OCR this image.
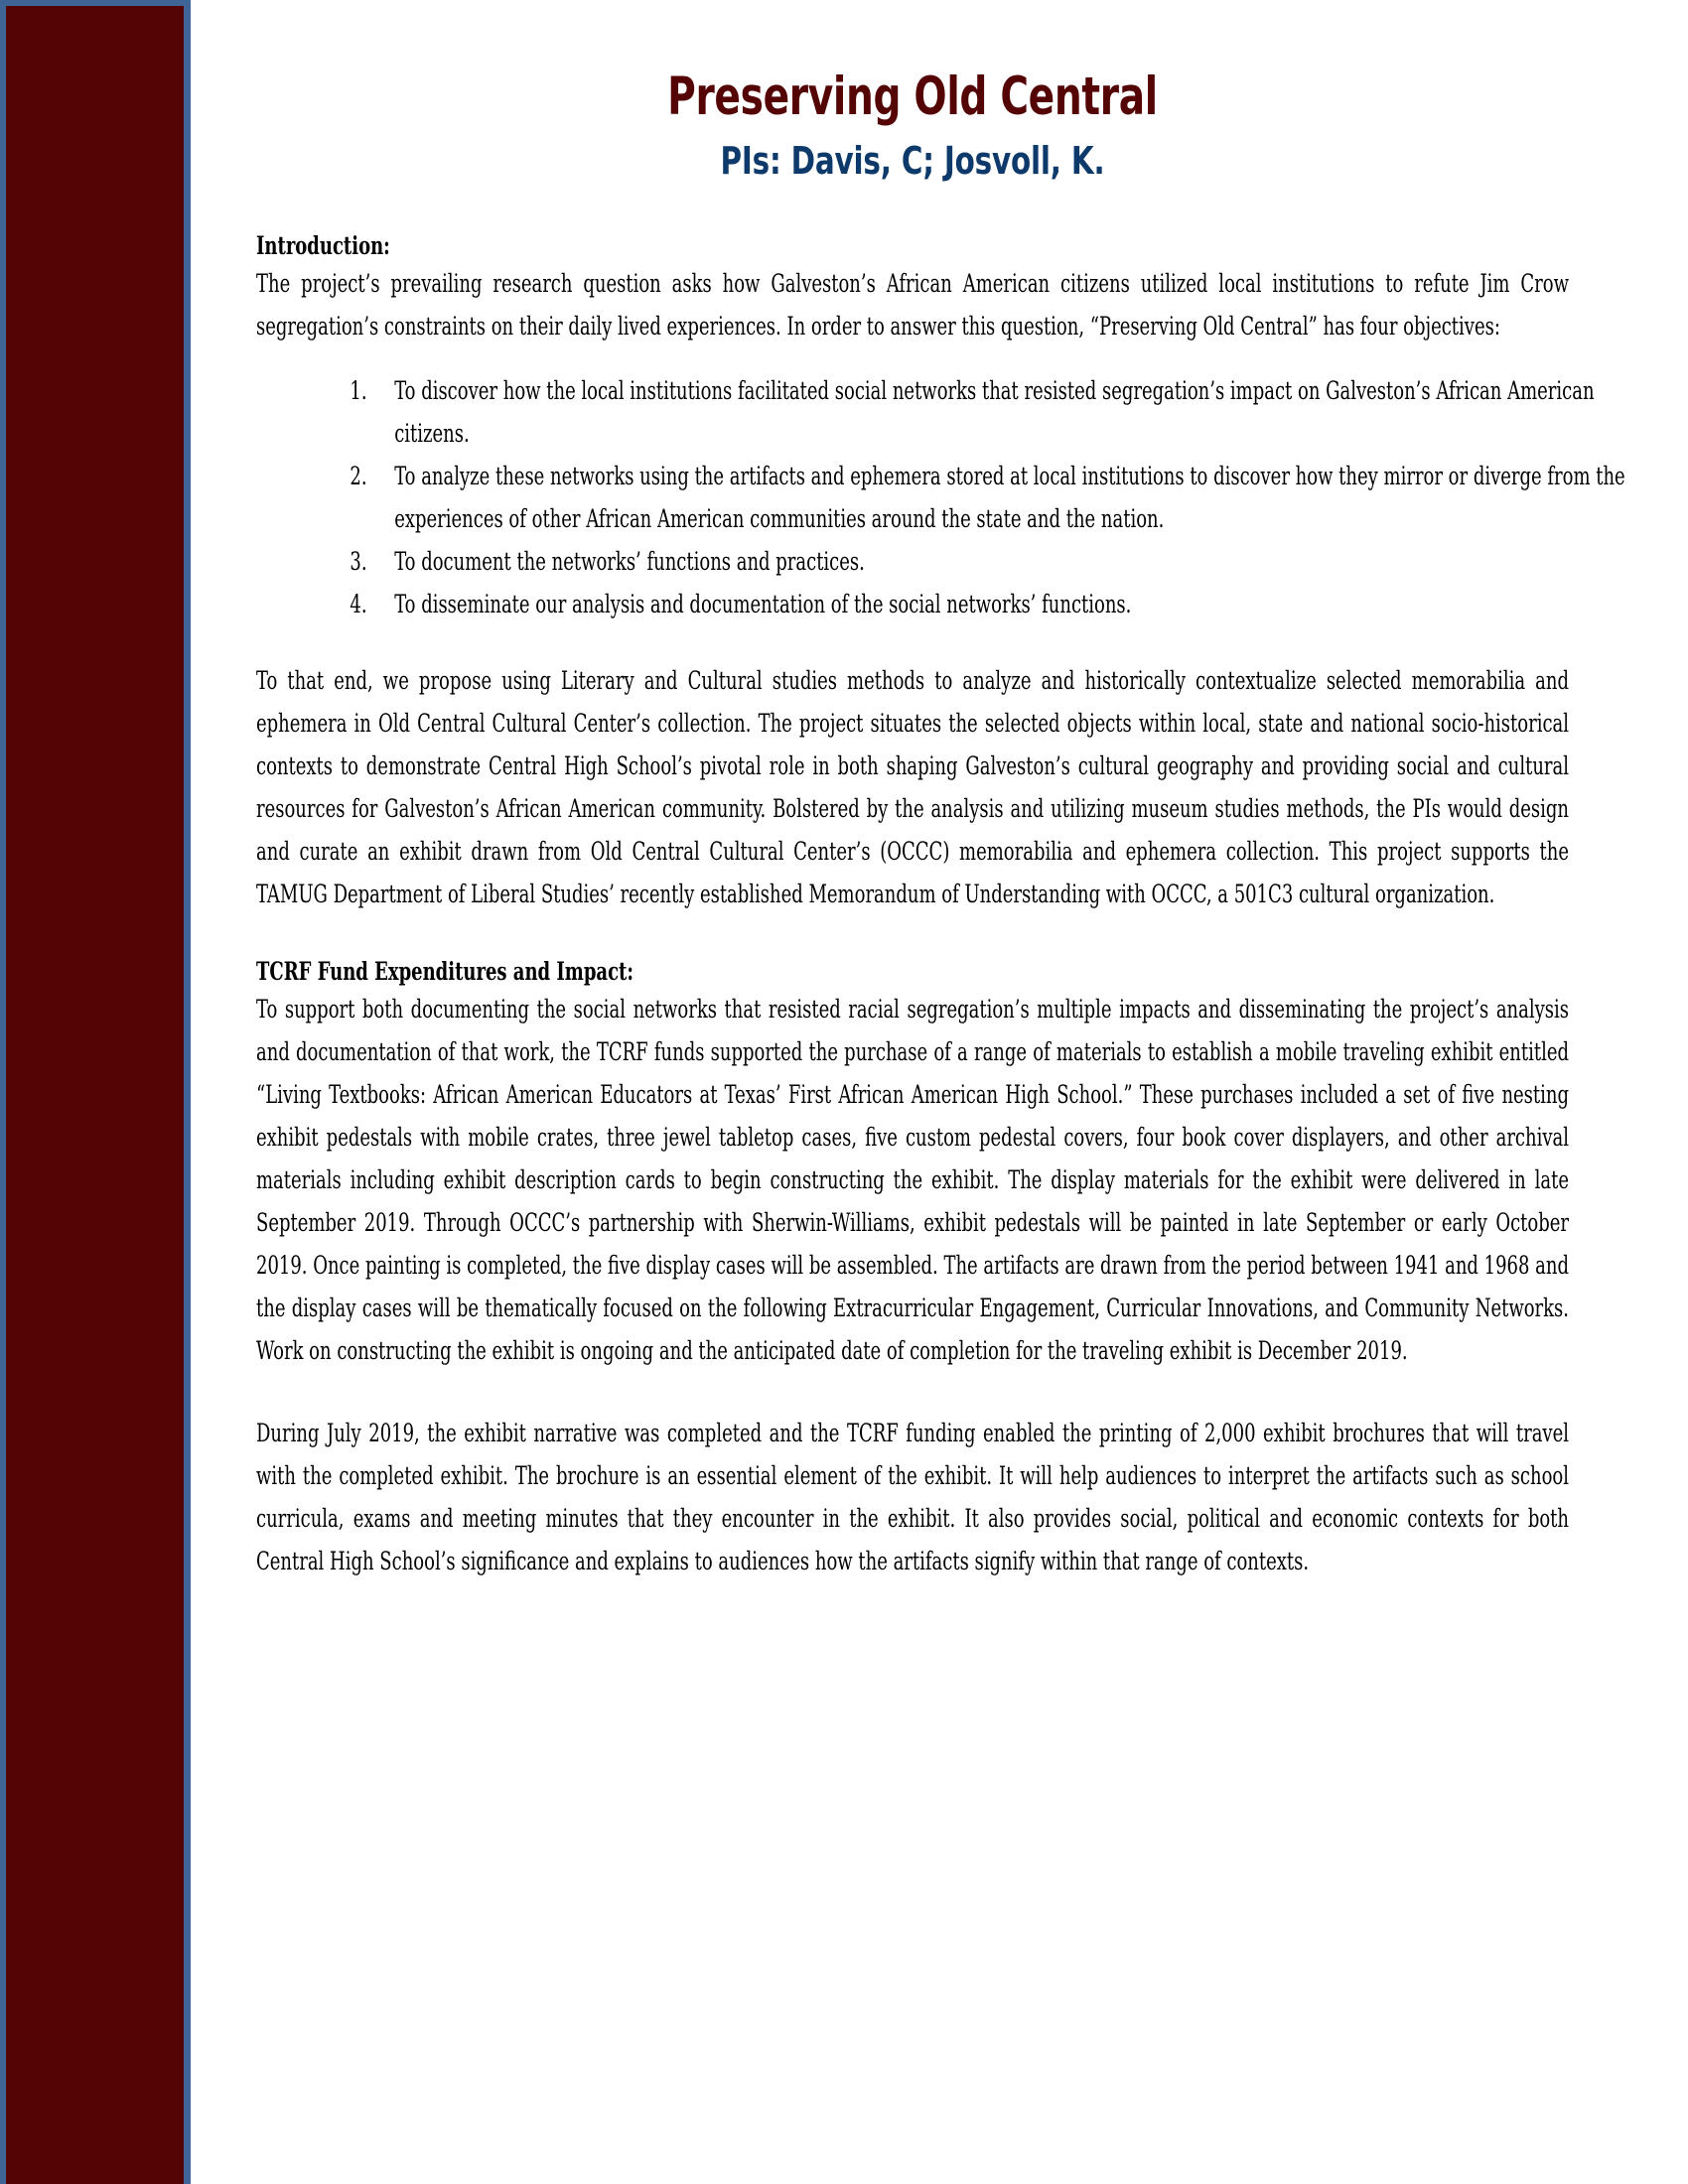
Preserving Old Central
PIs: Davis, C; Josvoll, K.
Introduction:

The project’s prevailing research question asks how Galveston’s African American citizens utilized local institutions to refute Jim Crow segregation’s constraints on their daily lived experiences. In order to answer this question, “Preserving Old Central” has four objectives:

To discover how the local institutions facilitated social networks that resisted segregation’s impact on Galveston’s African American citizens.
To analyze these networks using the artifacts and ephemera stored at local institutions to discover how they mirror or diverge from the experiences of other African American communities around the state and the nation.
To document the networks’ functions and practices.
To disseminate our analysis and documentation of the social networks’ functions.

To that end, we propose using Literary and Cultural studies methods to analyze and historically contextualize selected memorabilia and ephemera in Old Central Cultural Center’s collection. The project situates the selected objects within local, state and national socio-historical contexts to demonstrate Central High School’s pivotal role in both shaping Galveston’s cultural geography and providing social and cultural resources for Galveston’s African American community. Bolstered by the analysis and utilizing museum studies methods, the PIs would design and curate an exhibit drawn from Old Central Cultural Center’s (OCCC) memorabilia and ephemera collection. This project supports the TAMUG Department of Liberal Studies’ recently established Memorandum of Understanding with OCCC, a 501C3 cultural organization.

TCRF Fund Expenditures and Impact:

To support both documenting the social networks that resisted racial segregation’s multiple impacts and disseminating the project’s analysis and documentation of that work, the TCRF funds supported the purchase of a range of materials to establish a mobile traveling exhibit entitled “Living Textbooks: African American Educators at Texas’ First African American High School.” These purchases included a set of five nesting exhibit pedestals with mobile crates, three jewel tabletop cases, five custom pedestal covers, four book cover displayers, and other archival materials including exhibit description cards to begin constructing the exhibit. The display materials for the exhibit were delivered in late September 2019. Through OCCC’s partnership with Sherwin-Williams, exhibit pedestals will be painted in late September or early October 2019. Once painting is completed, the five display cases will be assembled. The artifacts are drawn from the period between 1941 and 1968 and the display cases will be thematically focused on the following Extracurricular Engagement, Curricular Innovations, and Community Networks. Work on constructing the exhibit is ongoing and the anticipated date of completion for the traveling exhibit is December 2019.

During July 2019, the exhibit narrative was completed and the TCRF funding enabled the printing of 2,000 exhibit brochures that will travel with the completed exhibit. The brochure is an essential element of the exhibit. It will help audiences to interpret the artifacts such as school curricula, exams and meeting minutes that they encounter in the exhibit. It also provides social, political and economic contexts for both Central High School’s significance and explains to audiences how the artifacts signify within that range of contexts.
